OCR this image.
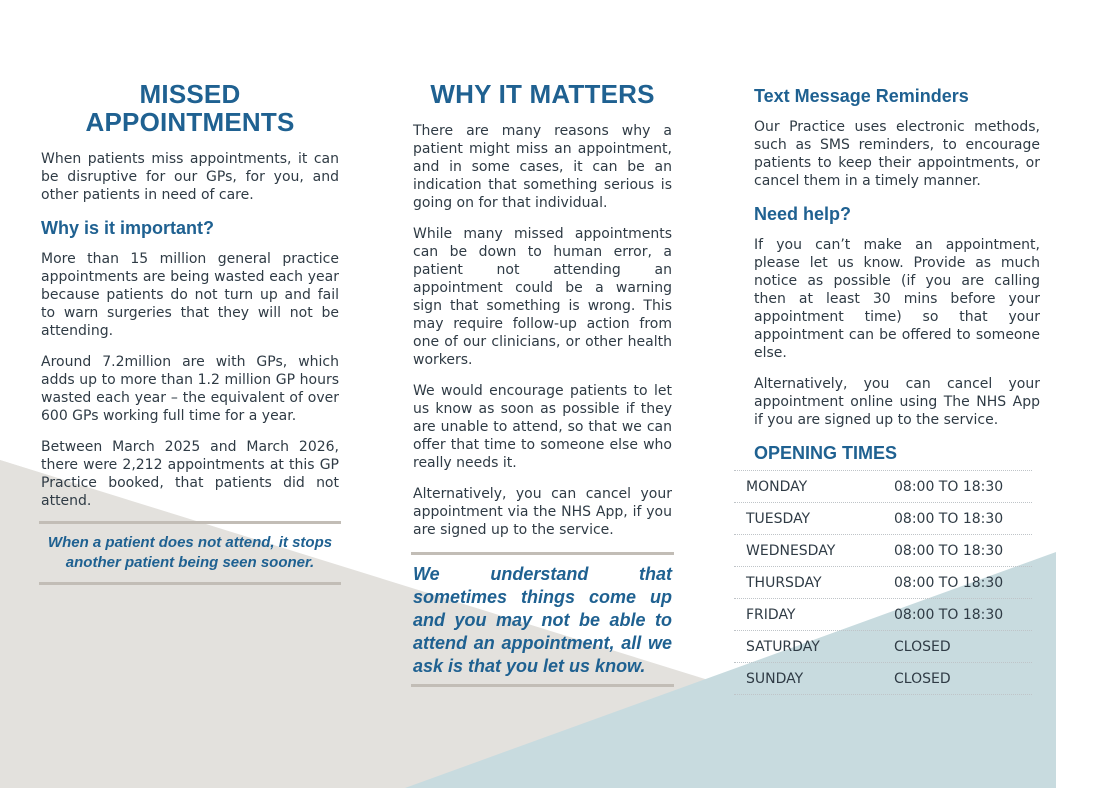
MISSED APPOINTMENTS

When patients miss appointments, it can be disruptive for our GPs, for you, and other patients in need of care.

Why is it important?

More than 15 million general practice appointments are being wasted each year because patients do not turn up and fail to warn surgeries that they will not be attending.

Around 7.2million are with GPs, which adds up to more than 1.2 million GP hours wasted each year – the equivalent of over 600 GPs working full time for a year.

Between March 2025 and March 2026, there were 2,212 appointments at this GP Practice booked, that patients did not attend.

When a patient does not attend, it stops another patient being seen sooner.
WHY IT MATTERS

There are many reasons why a patient might miss an appointment, and in some cases, it can be an indication that something serious is going on for that individual.

While many missed appointments can be down to human error, a patient not attending an appointment could be a warning sign that something is wrong. This may require follow-up action from one of our clinicians, or other health workers.

We would encourage patients to let us know as soon as possible if they are unable to attend, so that we can offer that time to someone else who really needs it.

Alternatively, you can cancel your appointment via the NHS App, if you are signed up to the service.

We understand that sometimes things come up and you may not be able to attend an appointment, all we ask is that you let us know.
Text Message Reminders

Our Practice uses electronic methods, such as SMS reminders, to encourage patients to keep their appointments, or cancel them in a timely manner.

Need help?

If you can’t make an appointment, please let us know. Provide as much notice as possible (if you are calling then at least 30 mins before your appointment time) so that your appointment can be offered to someone else.

Alternatively, you can cancel your appointment online using The NHS App if you are signed up to the service.

OPENING TIMES
MONDAY	08:00 TO 18:30
TUESDAY	08:00 TO 18:30
WEDNESDAY	08:00 TO 18:30
THURSDAY	08:00 TO 18:30
FRIDAY	08:00 TO 18:30
SATURDAY	CLOSED
SUNDAY	CLOSED
